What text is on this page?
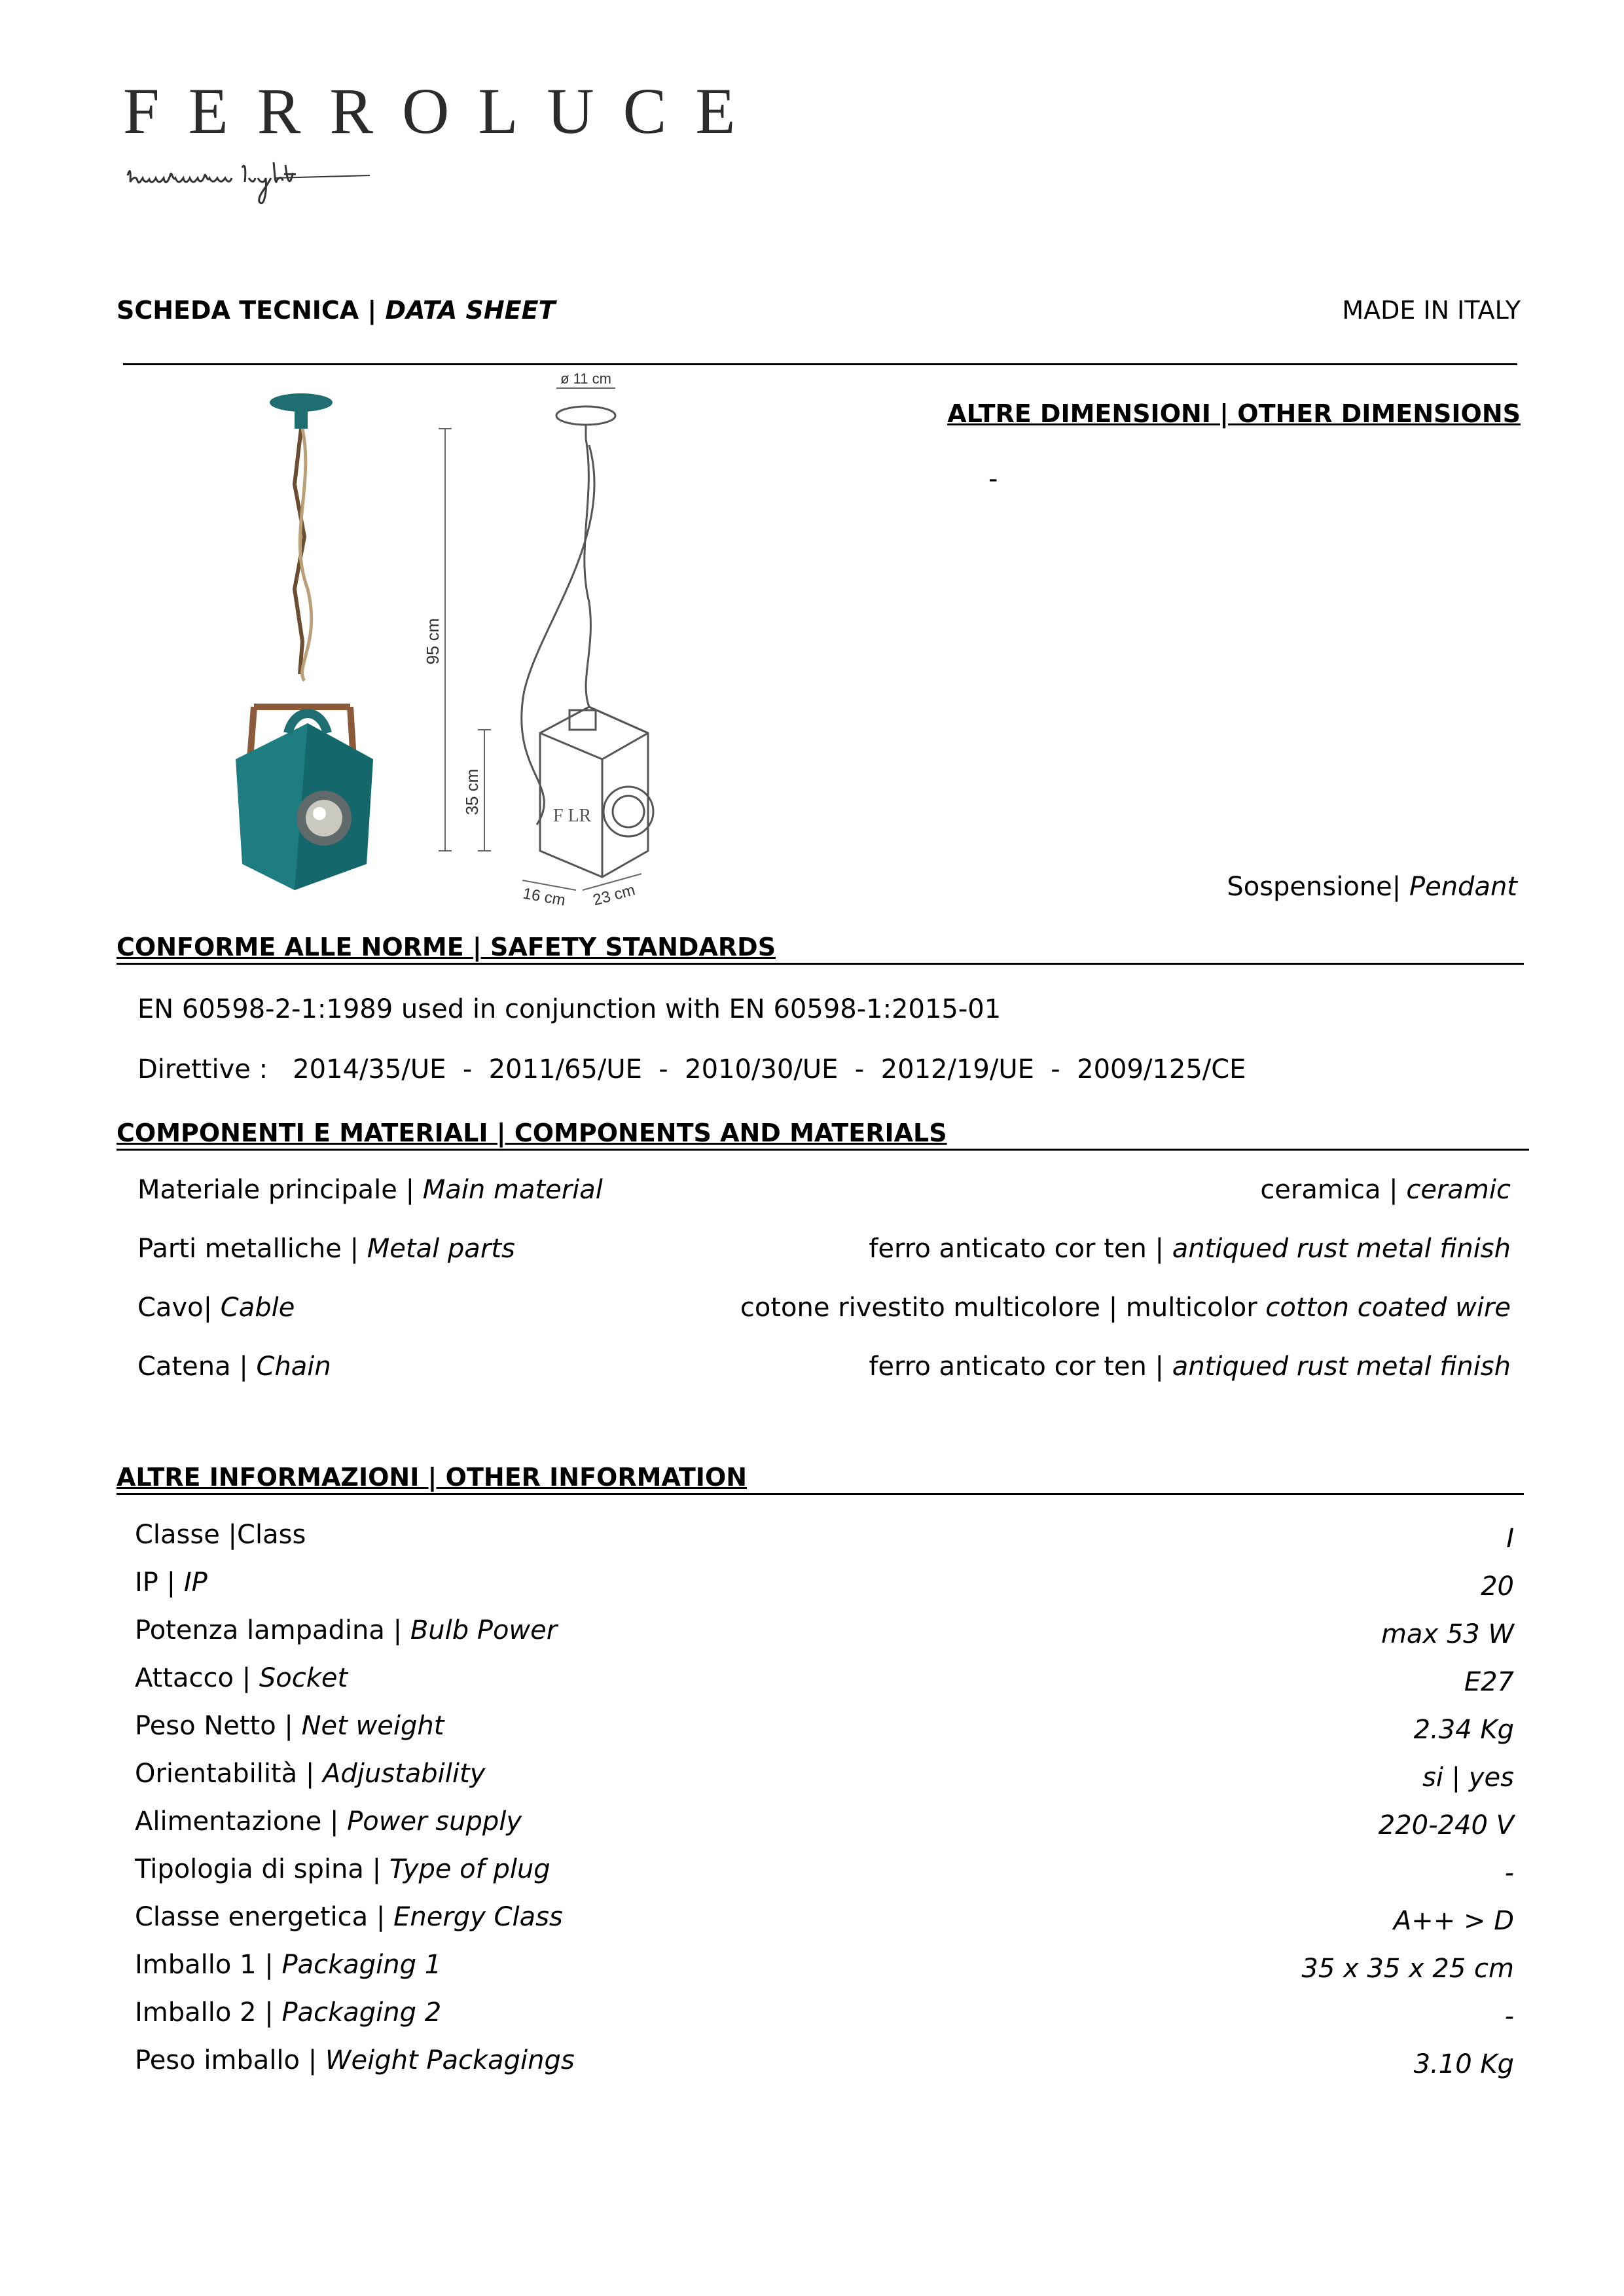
FERROLUCE
SCHEDA TECNICA | DATA SHEET	MADE IN ITALY
95 cm
35 cm
ø 11 cm
16 cm 23 cm
F LR
ALTRE DIMENSIONI | OTHER DIMENSIONS
-
Sospensione| Pendant
CONFORME ALLE NORME | SAFETY STANDARDS
EN 60598-2-1:1989 used in conjunction with EN 60598-1:2015-01
Direttive :   2014/35/UE  -  2011/65/UE  -  2010/30/UE  -  2012/19/UE  -  2009/125/CE
COMPONENTI E MATERIALI | COMPONENTS AND MATERIALS
Materiale principale | Main material	ceramica | ceramic
Parti metalliche | Metal parts	ferro anticato cor ten | antiqued rust metal finish
Cavo| Cable	cotone rivestito multicolore | multicolor cotton coated wire
Catena | Chain	ferro anticato cor ten | antiqued rust metal finish
ALTRE INFORMAZIONI | OTHER INFORMATION
Classe |Class	I
IP | IP	20
Potenza lampadina | Bulb Power	max 53 W
Attacco | Socket	E27
Peso Netto | Net weight	2.34 Kg
Orientabilità | Adjustability	si | yes
Alimentazione | Power supply	220-240 V
Tipologia di spina | Type of plug	-
Classe energetica | Energy Class	A++ > D
Imballo 1 | Packaging 1	35 x 35 x 25 cm
Imballo 2 | Packaging 2	-
Peso imballo | Weight Packagings	3.10 Kg
